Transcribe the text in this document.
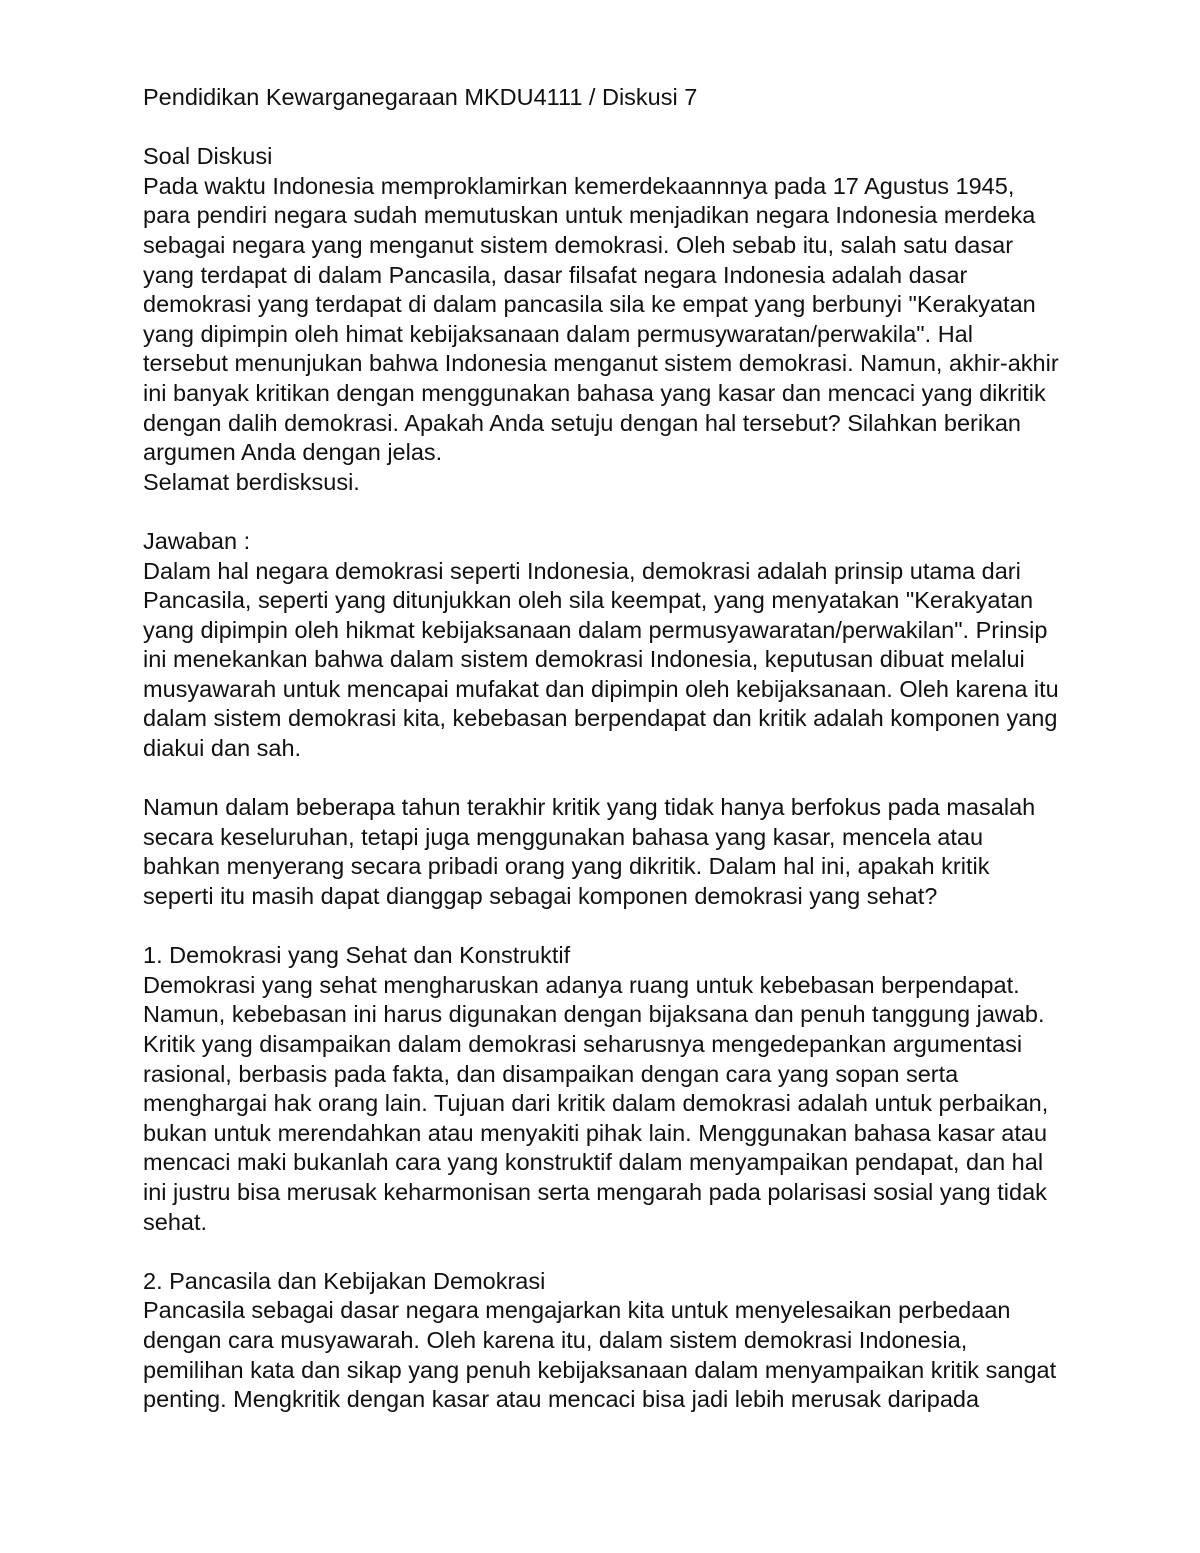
Pendidikan Kewarganegaraan MKDU4111 / Diskusi 7
Soal Diskusi
Pada waktu Indonesia memproklamirkan kemerdekaannnya pada 17 Agustus 1945,
para pendiri negara sudah memutuskan untuk menjadikan negara Indonesia merdeka
sebagai negara yang menganut sistem demokrasi. Oleh sebab itu, salah satu dasar
yang terdapat di dalam Pancasila, dasar filsafat negara Indonesia adalah dasar
demokrasi yang terdapat di dalam pancasila sila ke empat yang berbunyi "Kerakyatan
yang dipimpin oleh himat kebijaksanaan dalam permusywaratan/perwakila". Hal
tersebut menunjukan bahwa Indonesia menganut sistem demokrasi. Namun, akhir-akhir
ini banyak kritikan dengan menggunakan bahasa yang kasar dan mencaci yang dikritik
dengan dalih demokrasi. Apakah Anda setuju dengan hal tersebut? Silahkan berikan
argumen Anda dengan jelas.
Selamat berdisksusi.
Jawaban :
Dalam hal negara demokrasi seperti Indonesia, demokrasi adalah prinsip utama dari
Pancasila, seperti yang ditunjukkan oleh sila keempat, yang menyatakan "Kerakyatan
yang dipimpin oleh hikmat kebijaksanaan dalam permusyawaratan/perwakilan". Prinsip
ini menekankan bahwa dalam sistem demokrasi Indonesia, keputusan dibuat melalui
musyawarah untuk mencapai mufakat dan dipimpin oleh kebijaksanaan. Oleh karena itu
dalam sistem demokrasi kita, kebebasan berpendapat dan kritik adalah komponen yang
diakui dan sah.
Namun dalam beberapa tahun terakhir kritik yang tidak hanya berfokus pada masalah
secara keseluruhan, tetapi juga menggunakan bahasa yang kasar, mencela atau
bahkan menyerang secara pribadi orang yang dikritik. Dalam hal ini, apakah kritik
seperti itu masih dapat dianggap sebagai komponen demokrasi yang sehat?
1. Demokrasi yang Sehat dan Konstruktif
Demokrasi yang sehat mengharuskan adanya ruang untuk kebebasan berpendapat.
Namun, kebebasan ini harus digunakan dengan bijaksana dan penuh tanggung jawab.
Kritik yang disampaikan dalam demokrasi seharusnya mengedepankan argumentasi
rasional, berbasis pada fakta, dan disampaikan dengan cara yang sopan serta
menghargai hak orang lain. Tujuan dari kritik dalam demokrasi adalah untuk perbaikan,
bukan untuk merendahkan atau menyakiti pihak lain. Menggunakan bahasa kasar atau
mencaci maki bukanlah cara yang konstruktif dalam menyampaikan pendapat, dan hal
ini justru bisa merusak keharmonisan serta mengarah pada polarisasi sosial yang tidak
sehat.
2. Pancasila dan Kebijakan Demokrasi
Pancasila sebagai dasar negara mengajarkan kita untuk menyelesaikan perbedaan
dengan cara musyawarah. Oleh karena itu, dalam sistem demokrasi Indonesia,
pemilihan kata dan sikap yang penuh kebijaksanaan dalam menyampaikan kritik sangat
penting. Mengkritik dengan kasar atau mencaci bisa jadi lebih merusak daripada
